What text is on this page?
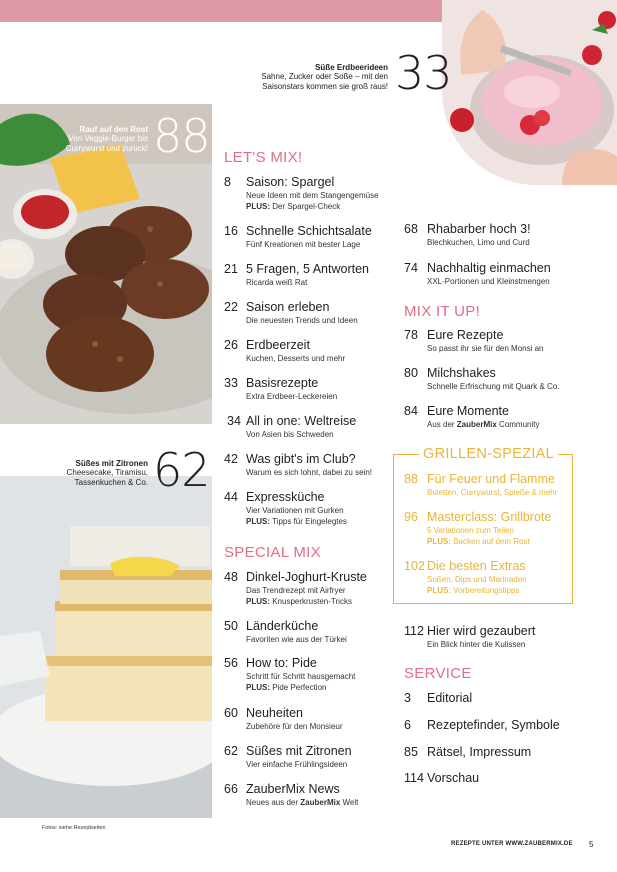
Süße Erdbeerideen
Sahne, Zucker oder Soße – mit den
Saisonstars kommen sie groß raus! 33
Rauf auf den Rost
Von Veggie-Burger bis
Currywurst und zurück! 88
Süßes mit Zitronen
Cheesecake, Tiramisu,
Tassenkuchen & Co. 62
LET'S MIX!
8 Saison: Spargel
Neue Ideen mit dem Stangengemüse
PLUS: Der Spargel-Check
16 Schnelle Schichtsalate
Fünf Kreationen mit bester Lage
21 5 Fragen, 5 Antworten
Ricarda weiß Rat
22 Saison erleben
Die neuesten Trends und Ideen
26 Erdbeerzeit
Kuchen, Desserts und mehr
33 Basisrezepte
Extra Erdbeer-Leckereien
34 All in one: Weltreise
Von Asien bis Schweden
42 Was gibt's im Club?
Warum es sich lohnt, dabei zu sein!
44 Expressküche
Vier Variationen mit Gurken
PLUS: Tipps für Eingelegtes
SPECIAL MIX
48 Dinkel-Joghurt-Kruste
Das Trendrezept mit Airfryer
PLUS: Knusperkrusten-Tricks
50 Länderküche
Favoriten wie aus der Türkei
56 How to: Pide
Schritt für Schritt hausgemacht
PLUS: Pide Perfection
60 Neuheiten
Zubehöre für den Monsieur
62 Süßes mit Zitronen
Vier einfache Frühlingsideen
66 ZauberMix News
Neues aus der ZauberMix Welt
68 Rhabarber hoch 3!
Blechkuchen, Limo und Curd
74 Nachhaltig einmachen
XXL-Portionen und Kleinstmengen
MIX IT UP!
78 Eure Rezepte
So passt ihr sie für den Monsi an
80 Milchshakes
Schnelle Erfrischung mit Quark & Co.
84 Eure Momente
Aus der ZauberMix Community
GRILLEN-SPEZIAL
88 Für Feuer und Flamme
Buletten, Currywurst, Spieße & mehr
96 Masterclass: Grillbrote
5 Variationen zum Teilen
PLUS: Backen auf dem Rost
102 Die besten Extras
Soßen, Dips und Marinaden
PLUS: Vorbereitungstipps
112 Hier wird gezaubert
Ein Blick hinter die Kulissen
SERVICE
3 Editorial
6 Rezeptefinder, Symbole
85 Rätsel, Impressum
114 Vorschau
Fotos: siehe Rezeptseiten
REZEPTE UNTER WWW.ZAUBERMIX.DE 5
